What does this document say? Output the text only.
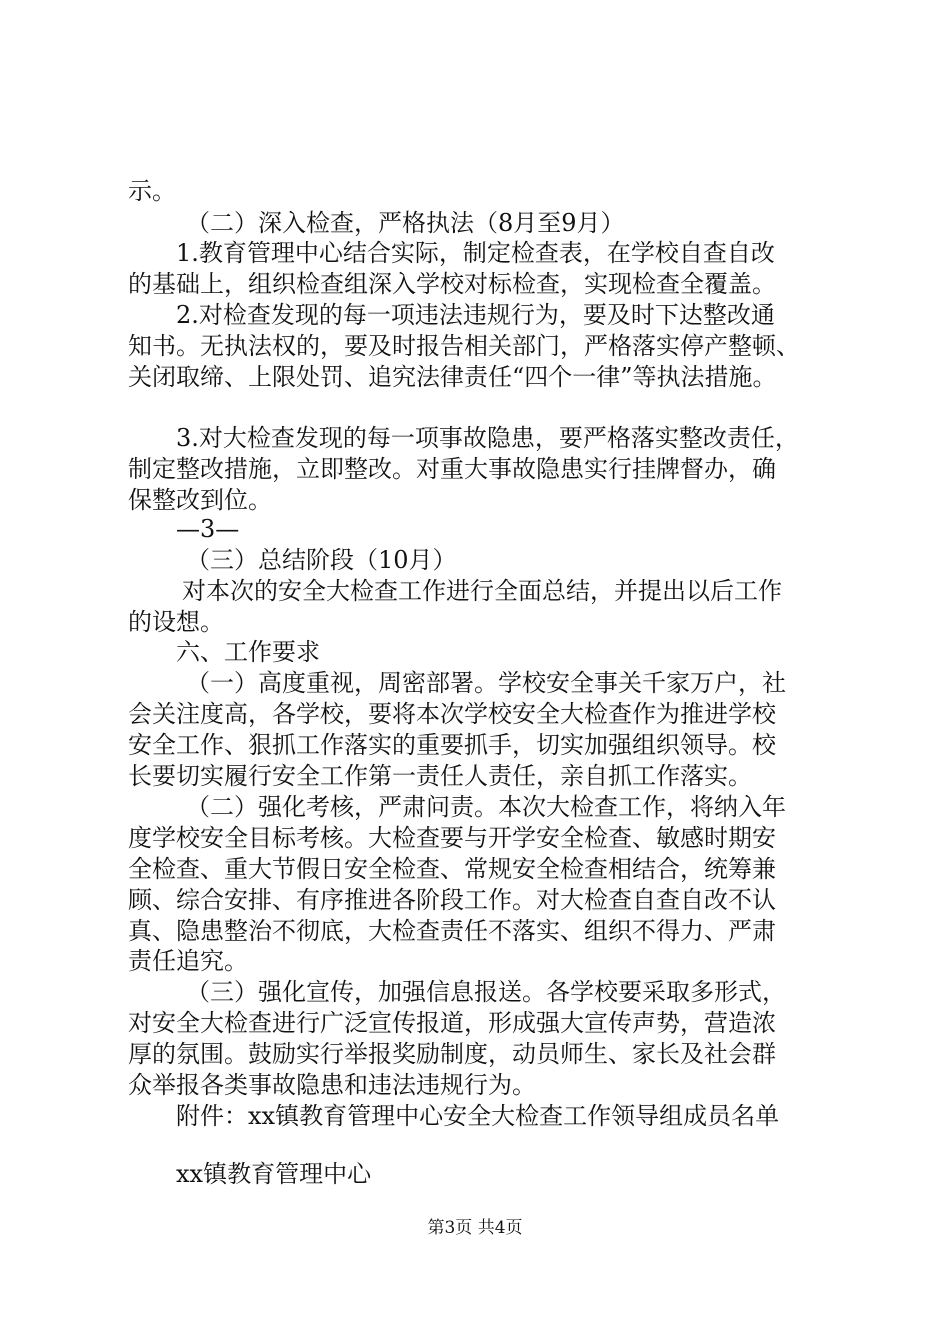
示。
（二）深入检查，严格执法（8月至9月）
1.教育管理中心结合实际，制定检查表，在学校自查自改
的基础上，组织检查组深入学校对标检查，实现检查全覆盖。
2.对检查发现的每一项违法违规行为，要及时下达整改通
知书。无执法权的，要及时报告相关部门，严格落实停产整顿、
关闭取缔、上限处罚、追究法律责任“四个一律”等执法措施。
3.对大检查发现的每一项事故隐患，要严格落实整改责任，
制定整改措施，立即整改。对重大事故隐患实行挂牌督办，确
保整改到位。
—3—
（三）总结阶段（10月）
对本次的安全大检查工作进行全面总结，并提出以后工作
的设想。
六、工作要求
（一）高度重视，周密部署。学校安全事关千家万户，社
会关注度高，各学校，要将本次学校安全大检查作为推进学校
安全工作、狠抓工作落实的重要抓手，切实加强组织领导。校
长要切实履行安全工作第一责任人责任，亲自抓工作落实。
（二）强化考核，严肃问责。本次大检查工作，将纳入年
度学校安全目标考核。大检查要与开学安全检查、敏感时期安
全检查、重大节假日安全检查、常规安全检查相结合，统筹兼
顾、综合安排、有序推进各阶段工作。对大检查自查自改不认
真、隐患整治不彻底，大检查责任不落实、组织不得力、严肃
责任追究。
（三）强化宣传，加强信息报送。各学校要采取多形式，
对安全大检查进行广泛宣传报道，形成强大宣传声势，营造浓
厚的氛围。鼓励实行举报奖励制度，动员师生、家长及社会群
众举报各类事故隐患和违法违规行为。
附件：xx镇教育管理中心安全大检查工作领导组成员名单
xx镇教育管理中心
第3页 共4页
